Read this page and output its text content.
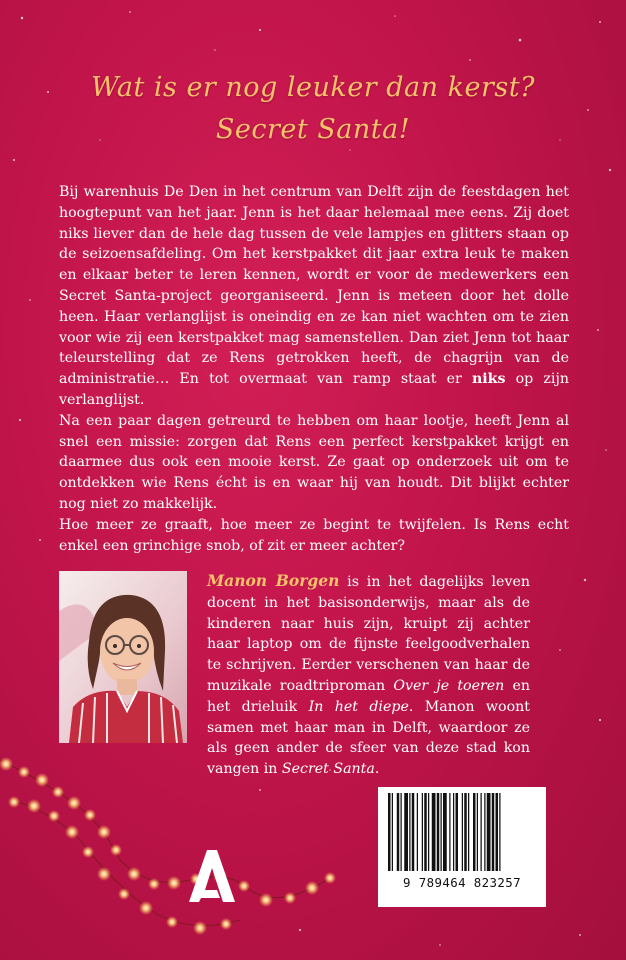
Wat is er nog leuker dan kerst?
Secret Santa!

Bij warenhuis De Den in het centrum van Delft zijn de feestdagen het hoogtepunt van het jaar. Jenn is het daar helemaal mee eens. Zij doet niks liever dan de hele dag tussen de vele lampjes en glitters staan op de seizoensafdeling. Om het kerstpakket dit jaar extra leuk te maken en elkaar beter te leren kennen, wordt er voor de medewerkers een Secret Santa-project georganiseerd. Jenn is meteen door het dolle heen. Haar verlanglijst is oneindig en ze kan niet wachten om te zien voor wie zij een kerstpakket mag samenstellen. Dan ziet Jenn tot haar teleurstelling dat ze Rens getrokken heeft, de chagrijn van de administratie… En tot overmaat van ramp staat er niks op zijn verlanglijst.

Na een paar dagen getreurd te hebben om haar lootje, heeft Jenn al snel een missie: zorgen dat Rens een perfect kerstpakket krijgt en daarmee dus ook een mooie kerst. Ze gaat op onderzoek uit om te ontdekken wie Rens écht is en waar hij van houdt. Dit blijkt echter nog niet zo makkelijk.

Hoe meer ze graaft, hoe meer ze begint te twijfelen. Is Rens echt enkel een grinchige snob, of zit er meer achter?

Manon Borgen is in het dagelijks leven docent in het basisonderwijs, maar als de kinderen naar huis zijn, kruipt zij achter haar laptop om de fijnste feelgoodverhalen te schrijven. Eerder verschenen van haar de muzikale roadtriproman Over je toeren en het drieluik In het diepe. Manon woont samen met haar man in Delft, waardoor ze als geen ander de sfeer van deze stad kon vangen in Secret Santa.
9 789464 823257
